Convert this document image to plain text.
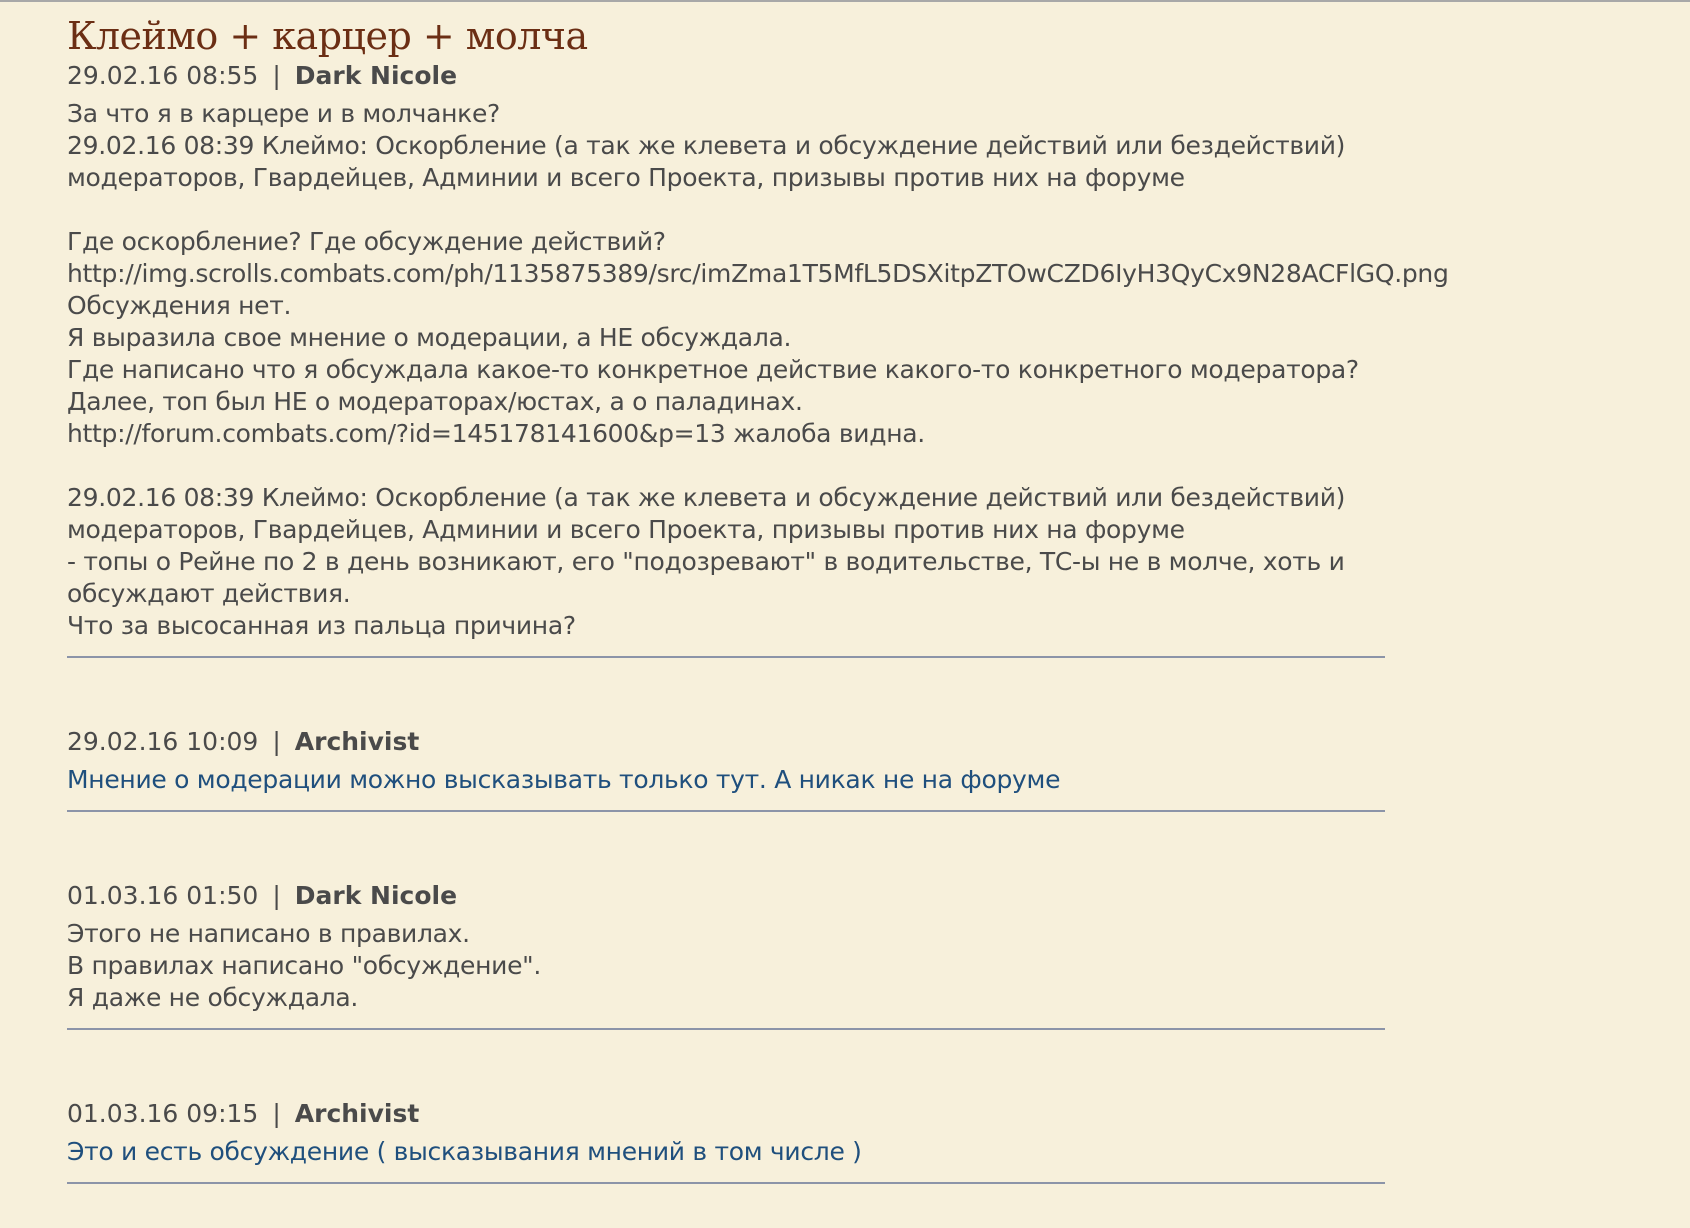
Клеймо + карцер + молча
29.02.16 08:55 | Dark Nicole
За что я в карцере и в молчанке?
29.02.16 08:39 Клеймо: Оскорбление (а так же клевета и обсуждение действий или бездействий)
модераторов, Гвардейцев, Админии и всего Проекта, призывы против них на форуме

Где оскорбление? Где обсуждение действий?
http://img.scrolls.combats.com/ph/1135875389/src/imZma1T5MfL5DSXitpZTOwCZD6IyH3QyCx9N28ACFlGQ.png
Обсуждения нет.
Я выразила свое мнение о модерации, а НЕ обсуждала.
Где написано что я обсуждала какое-то конкретное действие какого-то конкретного модератора?
Далее, топ был НЕ о модераторах/юстах, а о паладинах.
http://forum.combats.com/?id=145178141600&p=13 жалоба видна.

29.02.16 08:39 Клеймо: Оскорбление (а так же клевета и обсуждение действий или бездействий)
модераторов, Гвардейцев, Админии и всего Проекта, призывы против них на форуме
- топы о Рейне по 2 в день возникают, его "подозревают" в водительстве, ТС-ы не в молче, хоть и
обсуждают действия.
Что за высосанная из пальца причина?
29.02.16 10:09 | Archivist
Мнение о модерации можно высказывать только тут. А никак не на форуме
01.03.16 01:50 | Dark Nicole
Этого не написано в правилах.
В правилах написано "обсуждение".
Я даже не обсуждала.
01.03.16 09:15 | Archivist
Это и есть обсуждение ( высказывания мнений в том числе )
